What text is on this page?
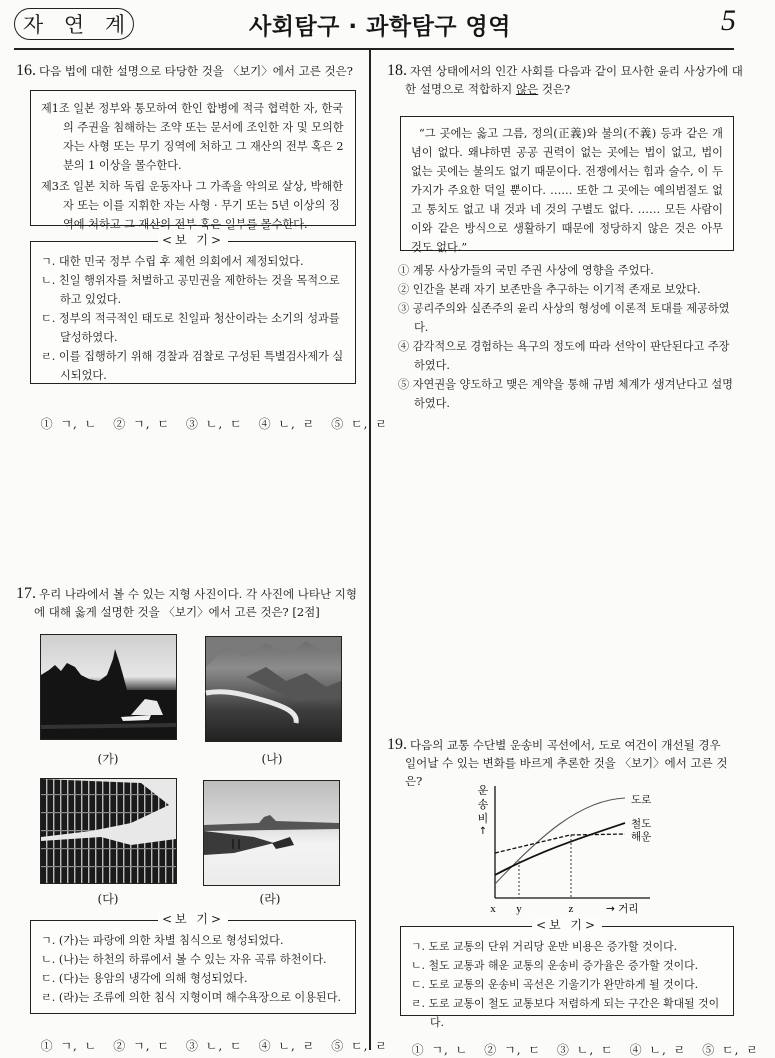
자 연 계	사회탐구 · 과학탐구 영역	5
16. 다음 법에 대한 설명으로 타당한 것을 〈보기〉에서 고른 것은?
제1조 일본 정부와 통모하여 한인 합병에 적극 협력한 자, 한국의 주권을 침해하는 조약 또는 문서에 조인한 자 및 모의한 자는 사형 또는 무기 징역에 처하고 그 재산의 전부 혹은 2분의 1 이상을 몰수한다.
제3조 일본 치하 독립 운동자나 그 가족을 악의로 살상, 박해한 자 또는 이를 지휘한 자는 사형 · 무기 또는 5년 이상의 징역에 처하고 그 재산의 전부 혹은 일부를 몰수한다.
ㄱ. 대한 민국 정부 수립 후 제헌 의회에서 제정되었다.
ㄴ. 친일 행위자를 처벌하고 공민권을 제한하는 것을 목적으로 하고 있었다.
ㄷ. 정부의 적극적인 태도로 친일파 청산이라는 소기의 성과를 달성하였다.
ㄹ. 이를 집행하기 위해 경찰과 검찰로 구성된 특별검사제가 실시되었다.
<보 기>

① ㄱ, ㄴ ② ㄱ, ㄷ ③ ㄴ, ㄷ ④ ㄴ, ㄹ ⑤ ㄷ, ㄹ

17. 우리 나라에서 볼 수 있는 지형 사진이다. 각 사진에 나타난 지형
에 대해 옳게 설명한 것을 〈보기〉에서 고른 것은? [2점]
(가)	(나)
(다)	(라)
ㄱ. (가)는 파랑에 의한 차별 침식으로 형성되었다.
ㄴ. (나)는 하천의 하류에서 볼 수 있는 자유 곡류 하천이다.
ㄷ. (다)는 용암의 냉각에 의해 형성되었다.
ㄹ. (라)는 조류에 의한 침식 지형이며 해수욕장으로 이용된다.
<보 기>

① ㄱ, ㄴ ② ㄱ, ㄷ ③ ㄴ, ㄷ ④ ㄴ, ㄹ ⑤ ㄷ, ㄹ

18. 자연 상태에서의 인간 사회를 다음과 같이 묘사한 윤리 사상가에 대한 설명으로 적합하지 않은 것은?
“그 곳에는 옳고 그름, 정의(正義)와 불의(不義) 등과 같은 개념이 없다. 왜냐하면 공공 권력이 없는 곳에는 법이 없고, 법이 없는 곳에는 불의도 없기 때문이다. 전쟁에서는 힘과 술수, 이 두 가지가 주요한 덕일 뿐이다. …… 또한 그 곳에는 예의범절도 없고 통치도 없고 내 것과 네 것의 구별도 없다. …… 모든 사람이 이와 같은 방식으로 생활하기 때문에 정당하지 않은 것은 아무 것도 없다.”
① 계몽 사상가들의 국민 주권 사상에 영향을 주었다.
② 인간을 본래 자기 보존만을 추구하는 이기적 존재로 보았다.
③ 공리주의와 실존주의 윤리 사상의 형성에 이론적 토대를 제공하였다.
④ 감각적으로 경험하는 욕구의 정도에 따라 선악이 판단된다고 주장하였다.
⑤ 자연권을 양도하고 맺은 계약을 통해 규범 체계가 생겨난다고 설명하였다.
19. 다음의 교통 수단별 운송비 곡선에서, 도로 여건이 개선될 경우
일어날 수 있는 변화를 바르게 추론한 것을 〈보기〉에서 고른 것은?
운
송
비
↑
도로
철도
해운
x y	z	→ 거리
ㄱ. 도로 교통의 단위 거리당 운반 비용은 증가할 것이다.
ㄴ. 철도 교통과 해운 교통의 운송비 증가율은 증가할 것이다.
ㄷ. 도로 교통의 운송비 곡선은 기울기가 완만하게 될 것이다.
ㄹ. 도로 교통이 철도 교통보다 저렴하게 되는 구간은 확대될 것이다.
<보 기>

① ㄱ, ㄴ ② ㄱ, ㄷ ③ ㄴ, ㄷ ④ ㄴ, ㄹ ⑤ ㄷ, ㄹ
